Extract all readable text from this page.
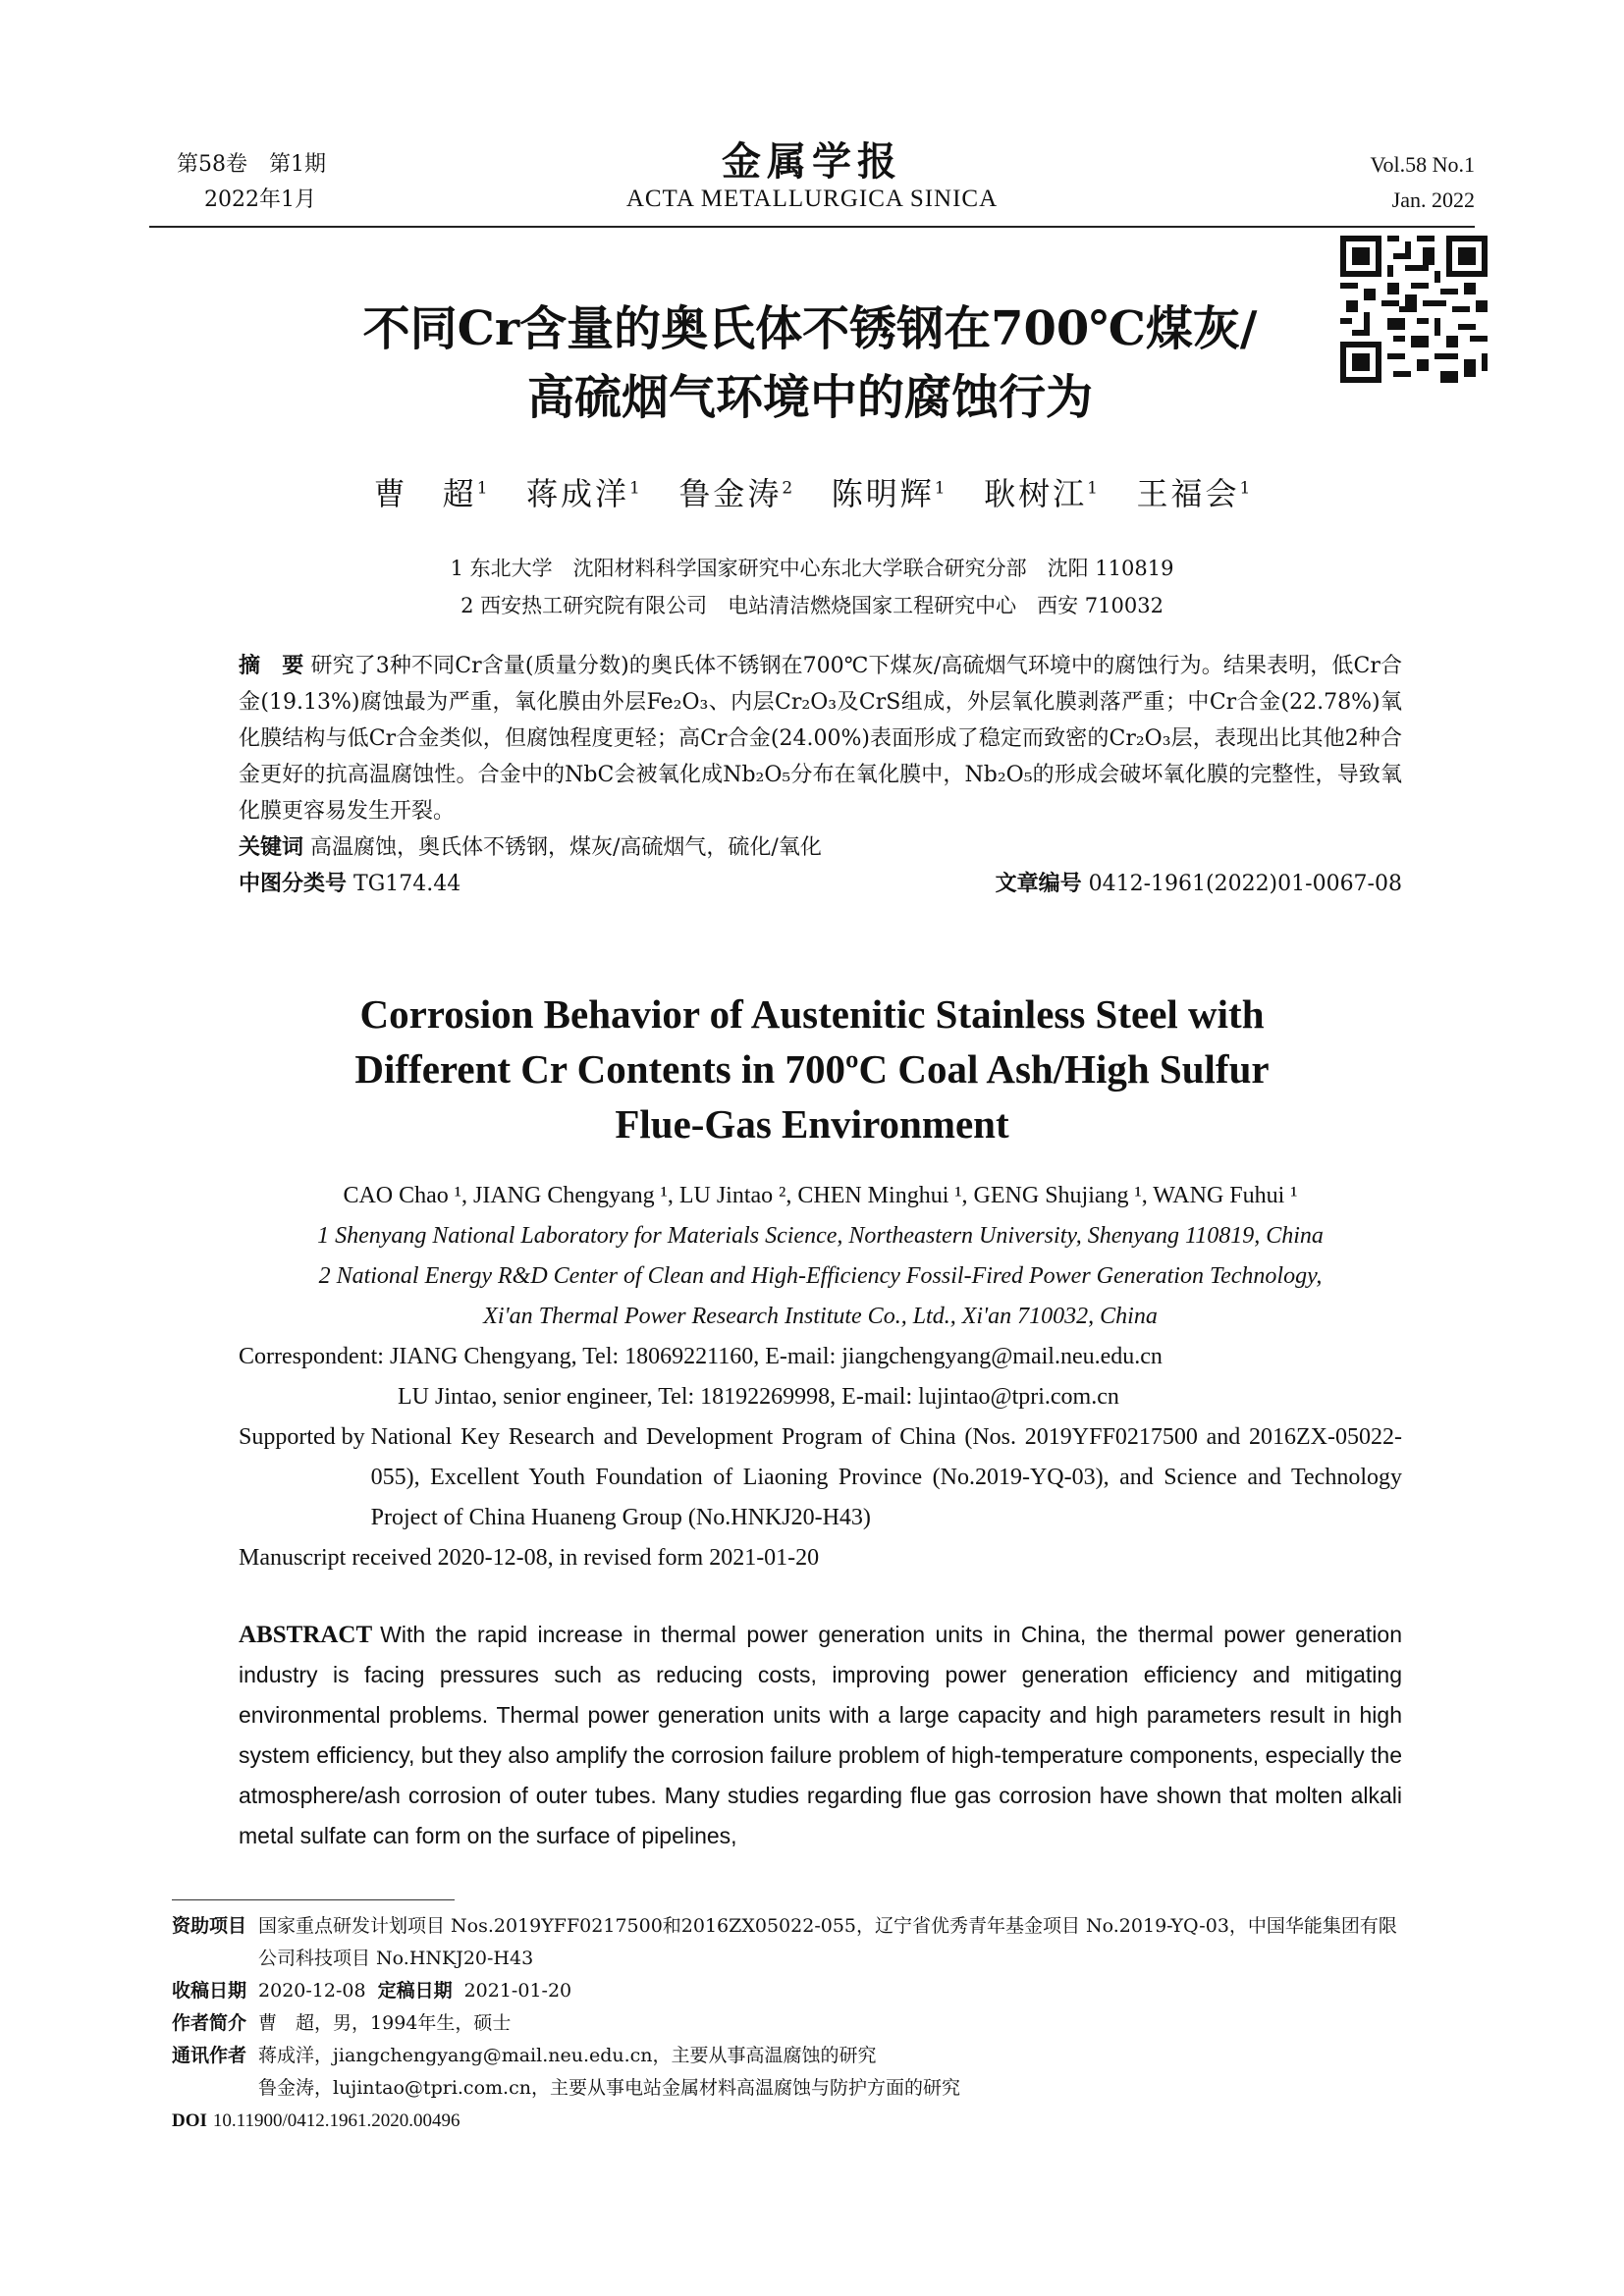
第58卷　第1期
2022年1月
金属学报
ACTA METALLURGICA SINICA
Vol.58 No.1
Jan. 2022
不同Cr含量的奥氏体不锈钢在700℃煤灰/
高硫烟气环境中的腐蚀行为
曹　超$^1$ 蒋成洋$^1$ 鲁金涛$^2$ 陈明辉$^1$ 耿树江$^1$ 王福会$^1$
1 东北大学　沈阳材料科学国家研究中心东北大学联合研究分部　沈阳 110819
2 西安热工研究院有限公司　电站清洁燃烧国家工程研究中心　西安 710032
摘　要 研究了3种不同Cr含量(质量分数)的奥氏体不锈钢在700℃下煤灰/高硫烟气环境中的腐蚀行为。结果表明，低Cr合金(19.13%)腐蚀最为严重，氧化膜由外层Fe₂O₃、内层Cr₂O₃及CrS组成，外层氧化膜剥落严重；中Cr合金(22.78%)氧化膜结构与低Cr合金类似，但腐蚀程度更轻；高Cr合金(24.00%)表面形成了稳定而致密的Cr₂O₃层，表现出比其他2种合金更好的抗高温腐蚀性。合金中的NbC会被氧化成Nb₂O₅分布在氧化膜中，Nb₂O₅的形成会破坏氧化膜的完整性，导致氧化膜更容易发生开裂。
关键词 高温腐蚀，奥氏体不锈钢，煤灰/高硫烟气，硫化/氧化
中图分类号 TG174.44	文章编号 0412-1961(2022)01-0067-08
Corrosion Behavior of Austenitic Stainless Steel with
Different Cr Contents in 700ºC Coal Ash/High Sulfur
Flue-Gas Environment
CAO Chao ¹, JIANG Chengyang ¹, LU Jintao ², CHEN Minghui ¹, GENG Shujiang ¹, WANG Fuhui ¹
1 Shenyang National Laboratory for Materials Science, Northeastern University, Shenyang 110819, China
2 National Energy R&D Center of Clean and High-Efficiency Fossil-Fired Power Generation Technology,
Xi'an Thermal Power Research Institute Co., Ltd., Xi'an 710032, China
Correspondent: JIANG Chengyang, Tel: 18069221160, E-mail: jiangchengyang@mail.neu.edu.cn
LU Jintao, senior engineer, Tel: 18192269998, E-mail: lujintao@tpri.com.cn
Supported by National Key Research and Development Program of China (Nos. 2019YFF0217500 and 2016ZX-05022-055), Excellent Youth Foundation of Liaoning Province (No.2019-YQ-03), and Science and Technology Project of China Huaneng Group (No.HNKJ20-H43)
Manuscript received 2020-12-08, in revised form 2021-01-20
ABSTRACT With the rapid increase in thermal power generation units in China, the thermal power generation industry is facing pressures such as reducing costs, improving power generation efficiency and mitigating environmental problems. Thermal power generation units with a large capacity and high parameters result in high system efficiency, but they also amplify the corrosion failure problem of high-temperature components, especially the atmosphere/ash corrosion of outer tubes. Many studies regarding flue gas corrosion have shown that molten alkali metal sulfate can form on the surface of pipelines,
资助项目 国家重点研发计划项目 Nos.2019YFF0217500和2016ZX05022-055，辽宁省优秀青年基金项目 No.2019-YQ-03，中国华能集团有限公司科技项目 No.HNKJ20-H43
收稿日期 2020-12-08 定稿日期 2021-01-20
作者简介 曹　超，男，1994年生，硕士
通讯作者 蒋成洋，jiangchengyang@mail.neu.edu.cn，主要从事高温腐蚀的研究
鲁金涛，lujintao@tpri.com.cn，主要从事电站金属材料高温腐蚀与防护方面的研究
DOI 10.11900/0412.1961.2020.00496
